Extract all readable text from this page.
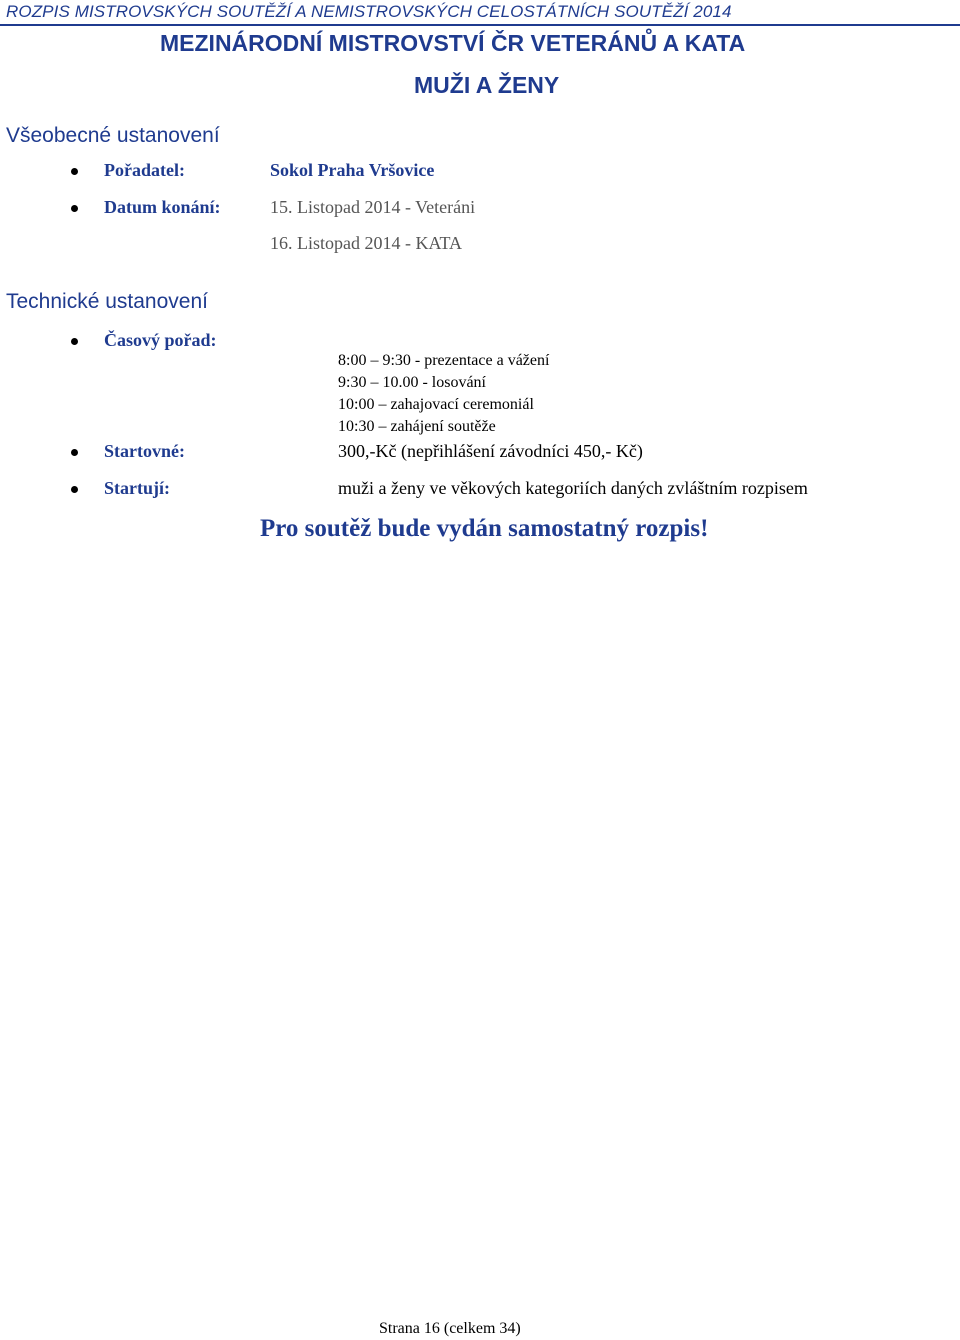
ROZPIS MISTROVSKÝCH SOUTĚŽÍ A NEMISTROVSKÝCH CELOSTÁTNÍCH SOUTĚŽÍ 2014
MEZINÁRODNÍ MISTROVSTVÍ ČR VETERÁNŮ A KATA
MUŽI A ŽENY
Všeobecné ustanovení
Pořadatel:	Sokol Praha Vršovice
Datum konání:	15. Listopad 2014 - Veteráni
16. Listopad 2014 - KATA
Technické ustanovení
Časový pořad:
8:00 – 9:30 - prezentace a vážení
9:30 – 10.00 - losování
10:00 – zahajovací ceremoniál
10:30 – zahájení soutěže
Startovné:	300,-Kč (nepřihlášení závodníci 450,- Kč)
Startují:	muži a ženy ve věkových kategoriích daných zvláštním rozpisem
Pro soutěž bude vydán samostatný rozpis!
Strana 16 (celkem 34)
